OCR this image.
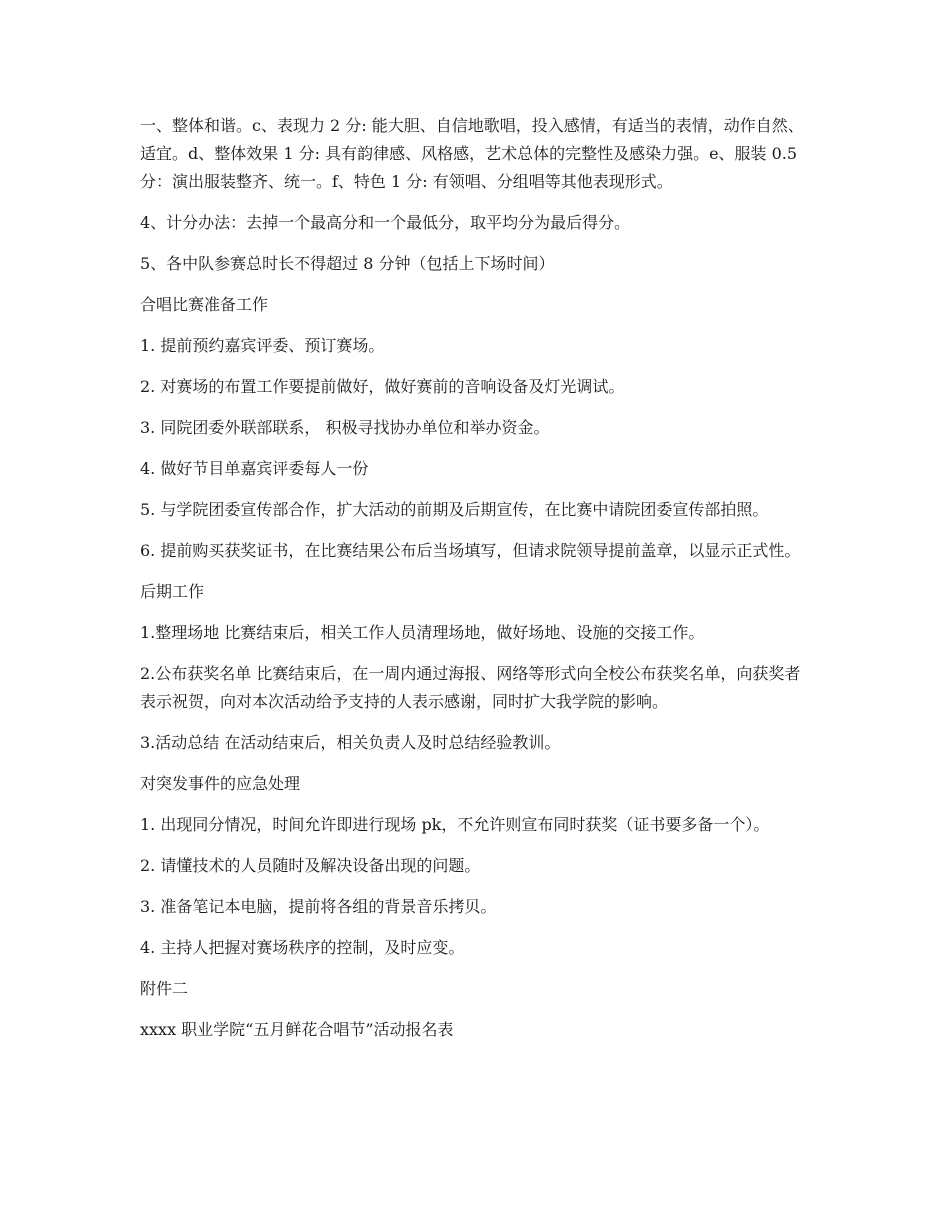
一、整体和谐。c、表现力 2 分: 能大胆、自信地歌唱，投入感情，有适当的表情，动作自然、适宜。d、整体效果 1 分: 具有韵律感、风格感，艺术总体的完整性及感染力强。e、服装 0.5 分：演出服装整齐、统一。f、特色 1 分: 有领唱、分组唱等其他表现形式。

4、计分办法：去掉一个最高分和一个最低分，取平均分为最后得分。

5、各中队参赛总时长不得超过 8 分钟（包括上下场时间）

合唱比赛准备工作

1. 提前预约嘉宾评委、预订赛场。

2. 对赛场的布置工作要提前做好，做好赛前的音响设备及灯光调试。

3. 同院团委外联部联系， 积极寻找协办单位和举办资金。

4. 做好节目单嘉宾评委每人一份

5. 与学院团委宣传部合作，扩大活动的前期及后期宣传，在比赛中请院团委宣传部拍照。

6. 提前购买获奖证书，在比赛结果公布后当场填写，但请求院领导提前盖章，以显示正式性。

后期工作

1.整理场地 比赛结束后，相关工作人员清理场地，做好场地、设施的交接工作。

2.公布获奖名单 比赛结束后，在一周内通过海报、网络等形式向全校公布获奖名单，向获奖者表示祝贺，向对本次活动给予支持的人表示感谢，同时扩大我学院的影响。

3.活动总结 在活动结束后，相关负责人及时总结经验教训。

对突发事件的应急处理

1. 出现同分情况，时间允许即进行现场 pk，不允许则宣布同时获奖（证书要多备一个）。

2. 请懂技术的人员随时及解决设备出现的问题。

3. 准备笔记本电脑，提前将各组的背景音乐拷贝。

4. 主持人把握对赛场秩序的控制，及时应变。

附件二

xxxx 职业学院“五月鲜花合唱节”活动报名表
